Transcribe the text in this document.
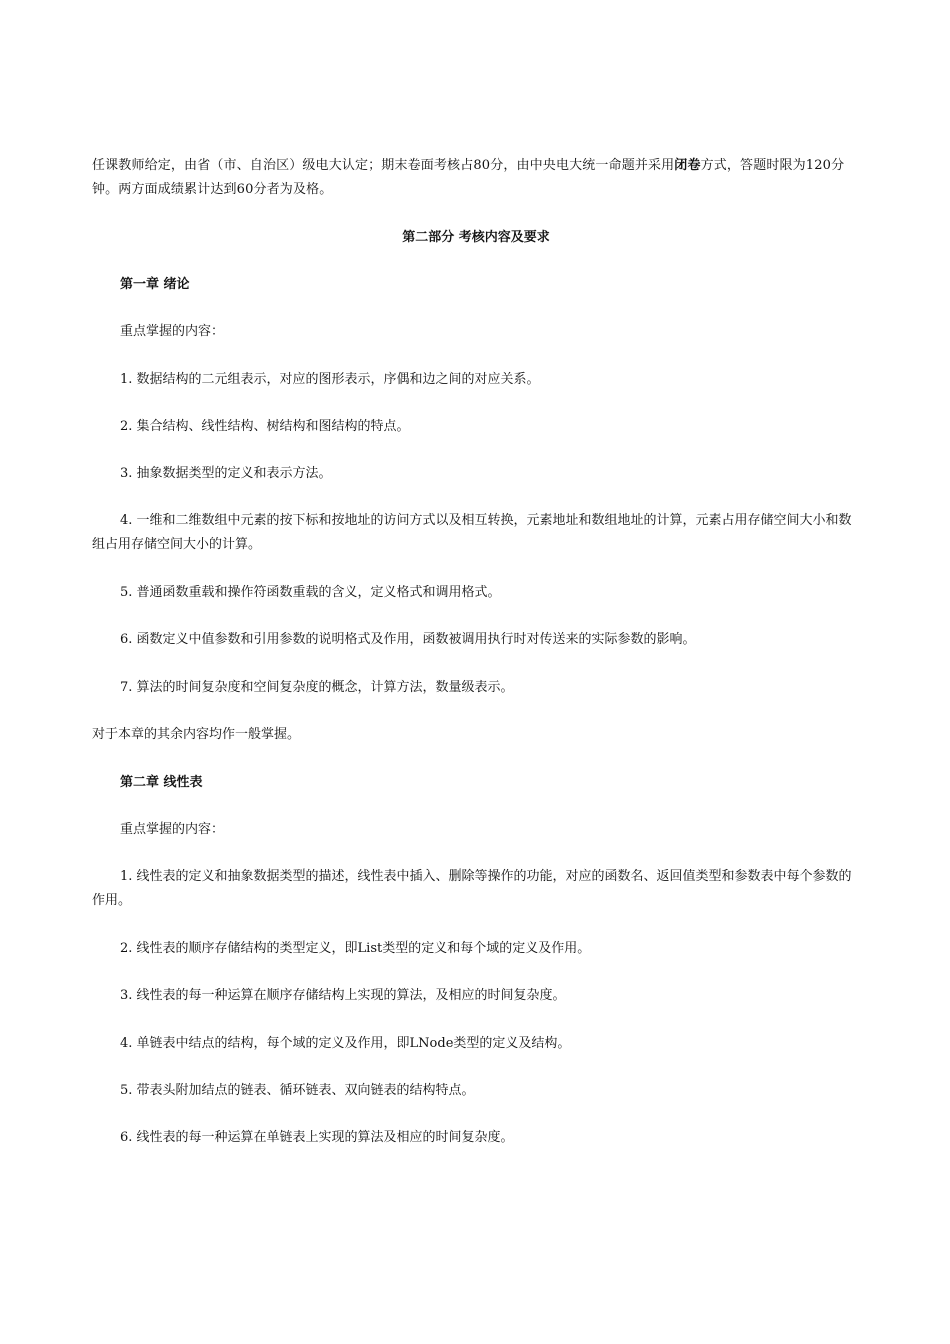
任课教师给定，由省（市、自治区）级电大认定；期末卷面考核占80分，由中央电大统一命题并采用闭卷方式，答题时限为120分钟。两方面成绩累计达到60分者为及格。
第二部分 考核内容及要求
第一章 绪论
重点掌握的内容：
1. 数据结构的二元组表示，对应的图形表示，序偶和边之间的对应关系。
2. 集合结构、线性结构、树结构和图结构的特点。
3. 抽象数据类型的定义和表示方法。
4. 一维和二维数组中元素的按下标和按地址的访问方式以及相互转换，元素地址和数组地址的计算，元素占用存储空间大小和数组占用存储空间大小的计算。
5. 普通函数重载和操作符函数重载的含义，定义格式和调用格式。
6. 函数定义中值参数和引用参数的说明格式及作用，函数被调用执行时对传送来的实际参数的影响。
7. 算法的时间复杂度和空间复杂度的概念，计算方法，数量级表示。
对于本章的其余内容均作一般掌握。
第二章 线性表
重点掌握的内容：
1. 线性表的定义和抽象数据类型的描述，线性表中插入、删除等操作的功能，对应的函数名、返回值类型和参数表中每个参数的作用。
2. 线性表的顺序存储结构的类型定义，即List类型的定义和每个域的定义及作用。
3. 线性表的每一种运算在顺序存储结构上实现的算法，及相应的时间复杂度。
4. 单链表中结点的结构，每个域的定义及作用，即LNode类型的定义及结构。
5. 带表头附加结点的链表、循环链表、双向链表的结构特点。
6. 线性表的每一种运算在单链表上实现的算法及相应的时间复杂度。
